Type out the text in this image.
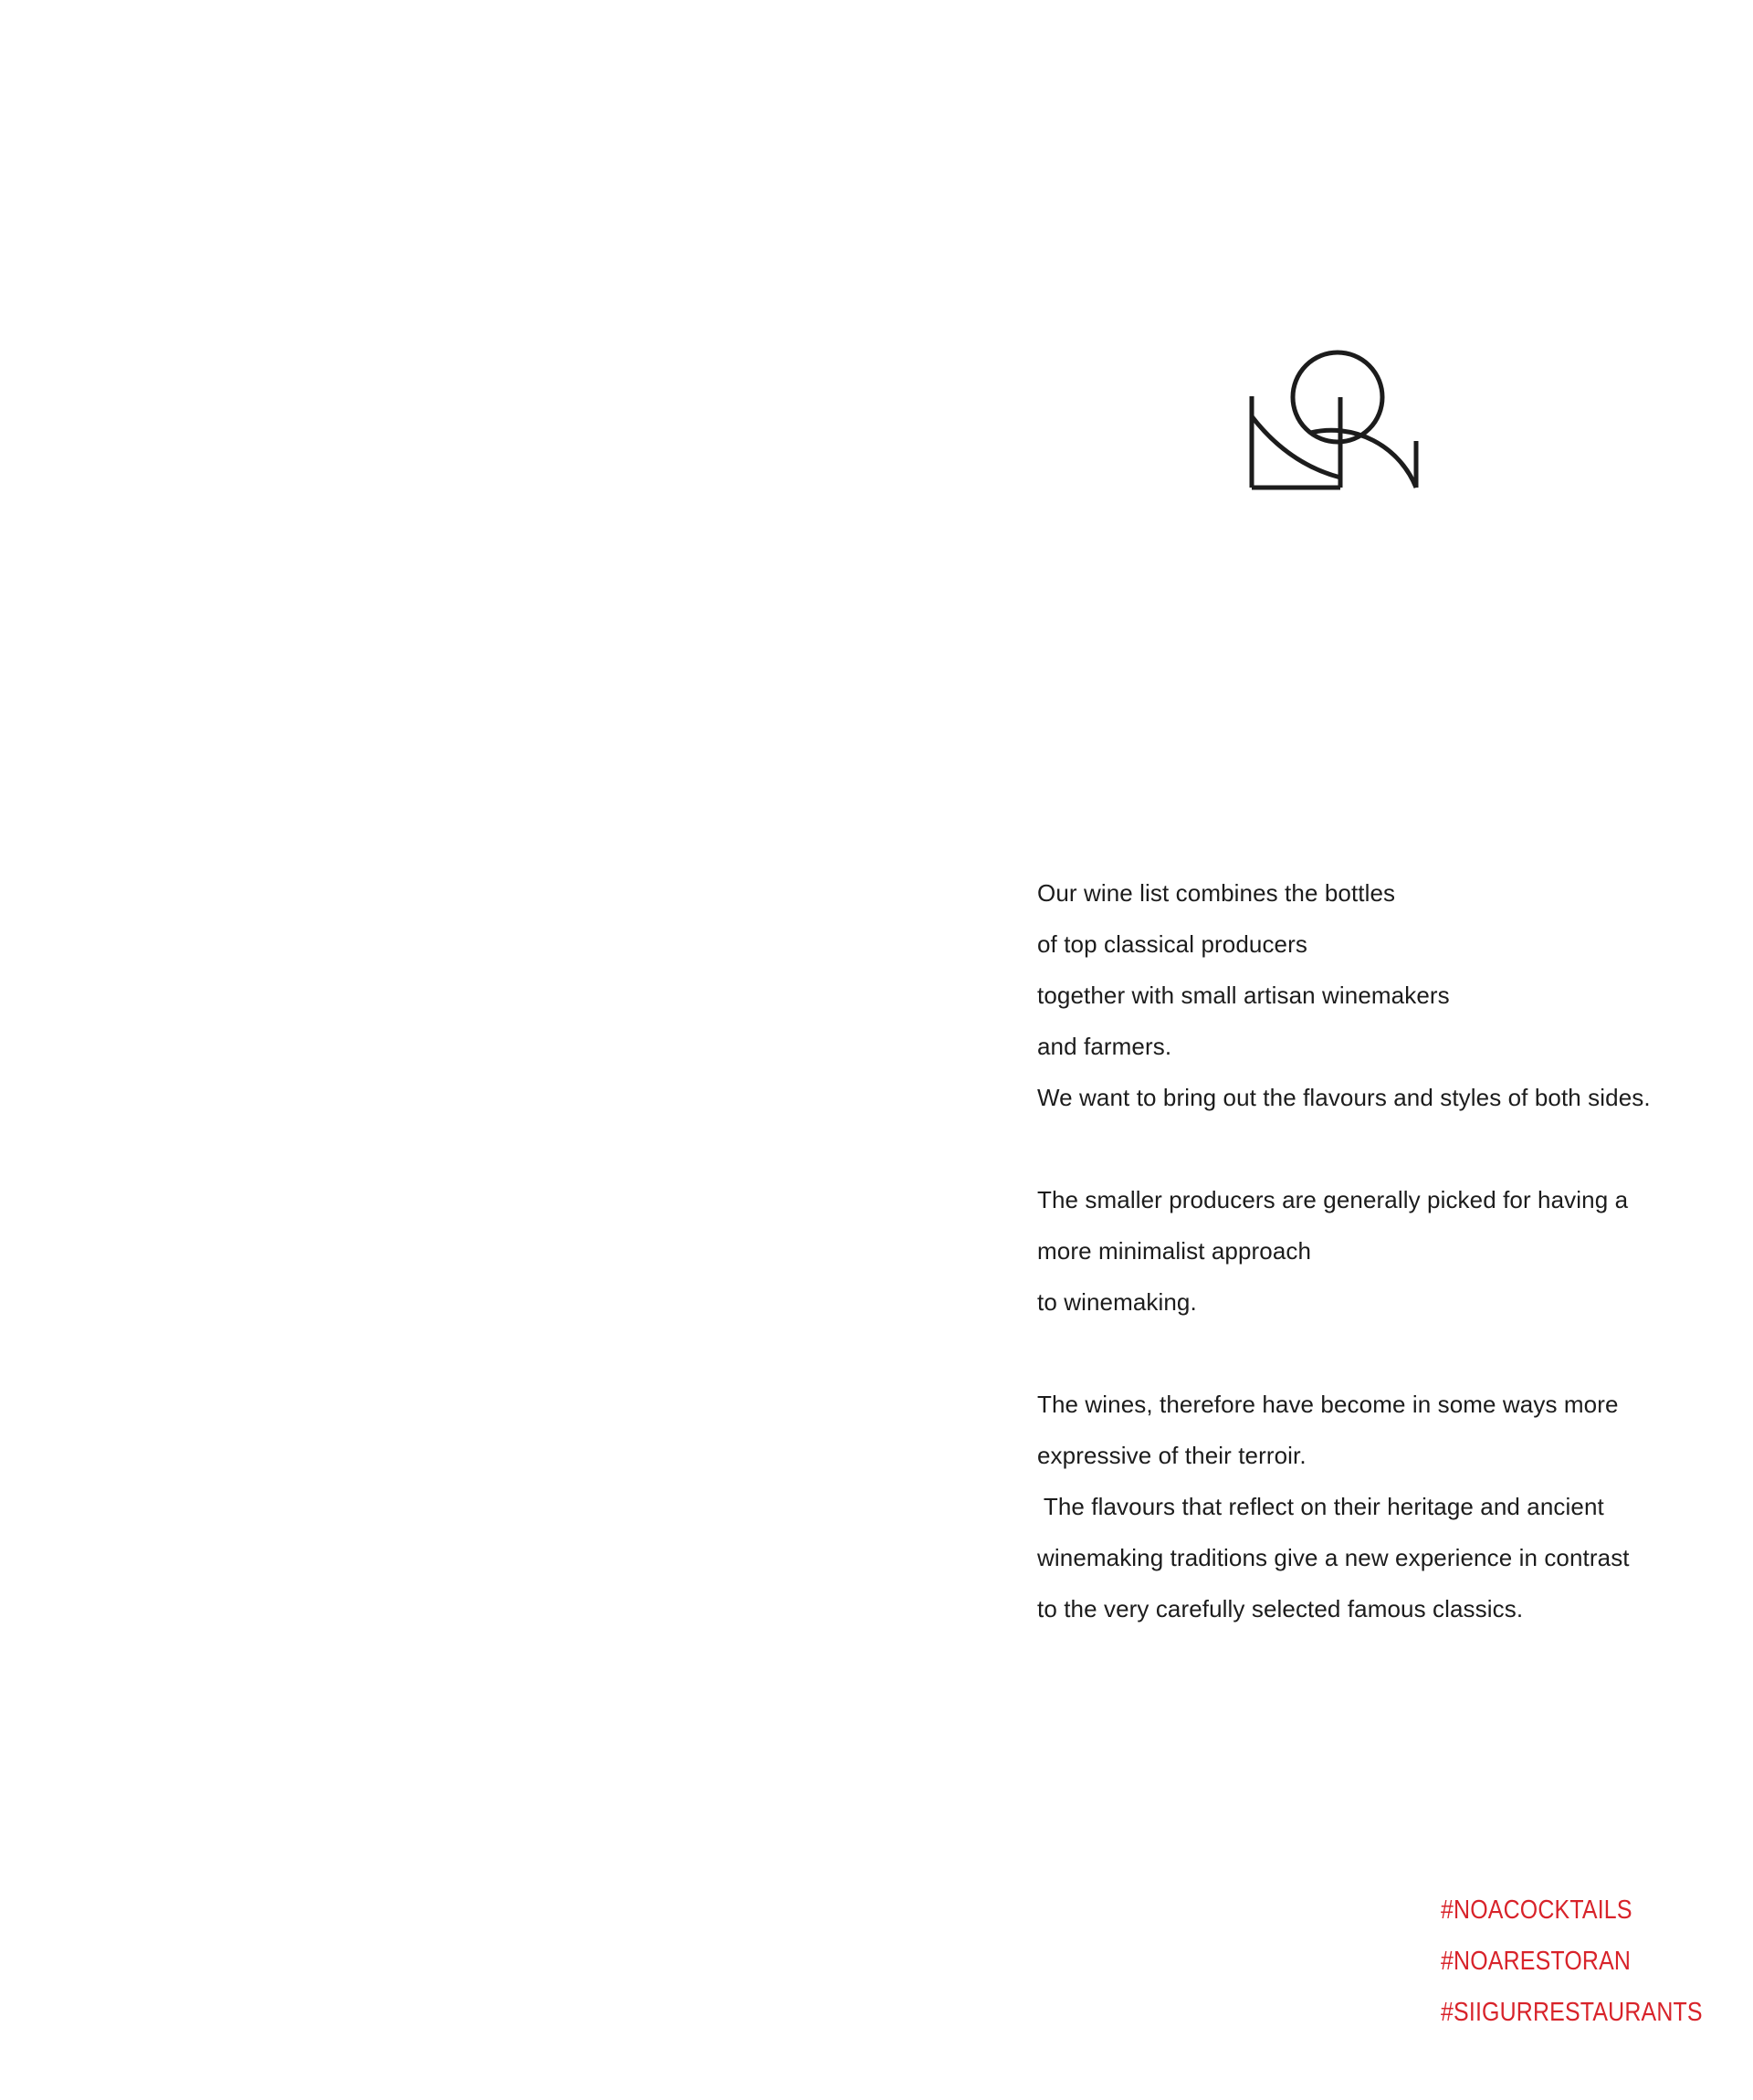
Our wine list combines the bottles
of top classical producers
together with small artisan winemakers
and farmers.
We want to bring out the flavours and styles of both sides.
The smaller producers are generally picked for having a
more minimalist approach
to winemaking.
The wines, therefore have become in some ways more
expressive of their terroir.
The flavours that reflect on their heritage and ancient
winemaking traditions give a new experience in contrast
to the very carefully selected famous classics.
#NOACOCKTAILS
#NOARESTORAN
#SIIGURRESTAURANTS
